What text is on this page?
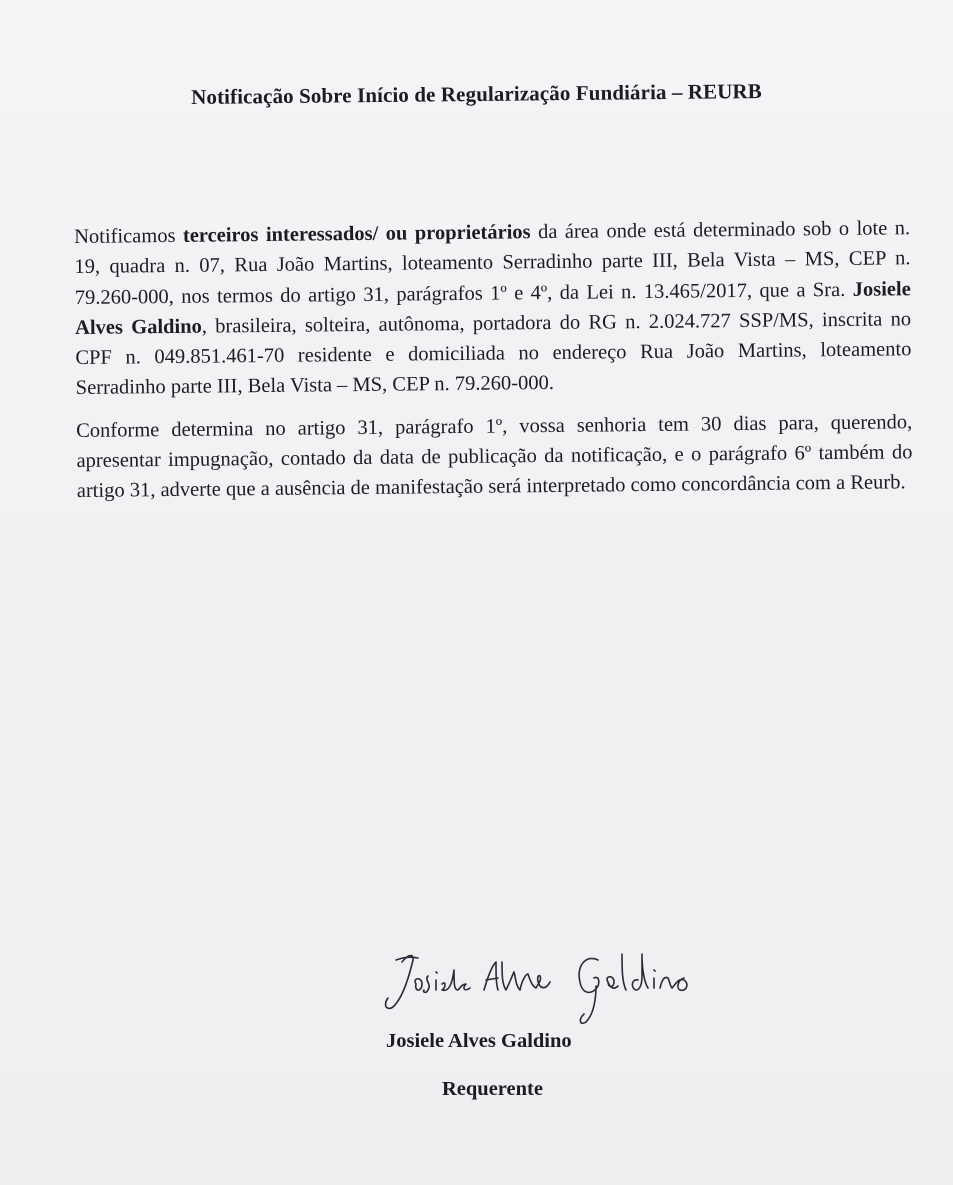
Notificação Sobre Início de Regularização Fundiária – REURB

Notificamos terceiros interessados/ ou proprietários da área onde está determinado sob o lote n. 19, quadra n. 07, Rua João Martins, loteamento Serradinho parte III, Bela Vista – MS, CEP n. 79.260-000, nos termos do artigo 31, parágrafos 1º e 4º, da Lei n. 13.465/2017, que a Sra. Josiele Alves Galdino, brasileira, solteira, autônoma, portadora do RG n. 2.024.727 SSP/MS, inscrita no CPF n. 049.851.461-70 residente e domiciliada no endereço Rua João Martins, loteamento Serradinho parte III, Bela Vista – MS, CEP n. 79.260-000.

Conforme determina no artigo 31, parágrafo 1º, vossa senhoria tem 30 dias para, querendo, apresentar impugnação, contado da data de publicação da notificação, e o parágrafo 6º também do artigo 31, adverte que a ausência de manifestação será interpretado como concordância com a Reurb.

Josiele Alves Galdino
Requerente
